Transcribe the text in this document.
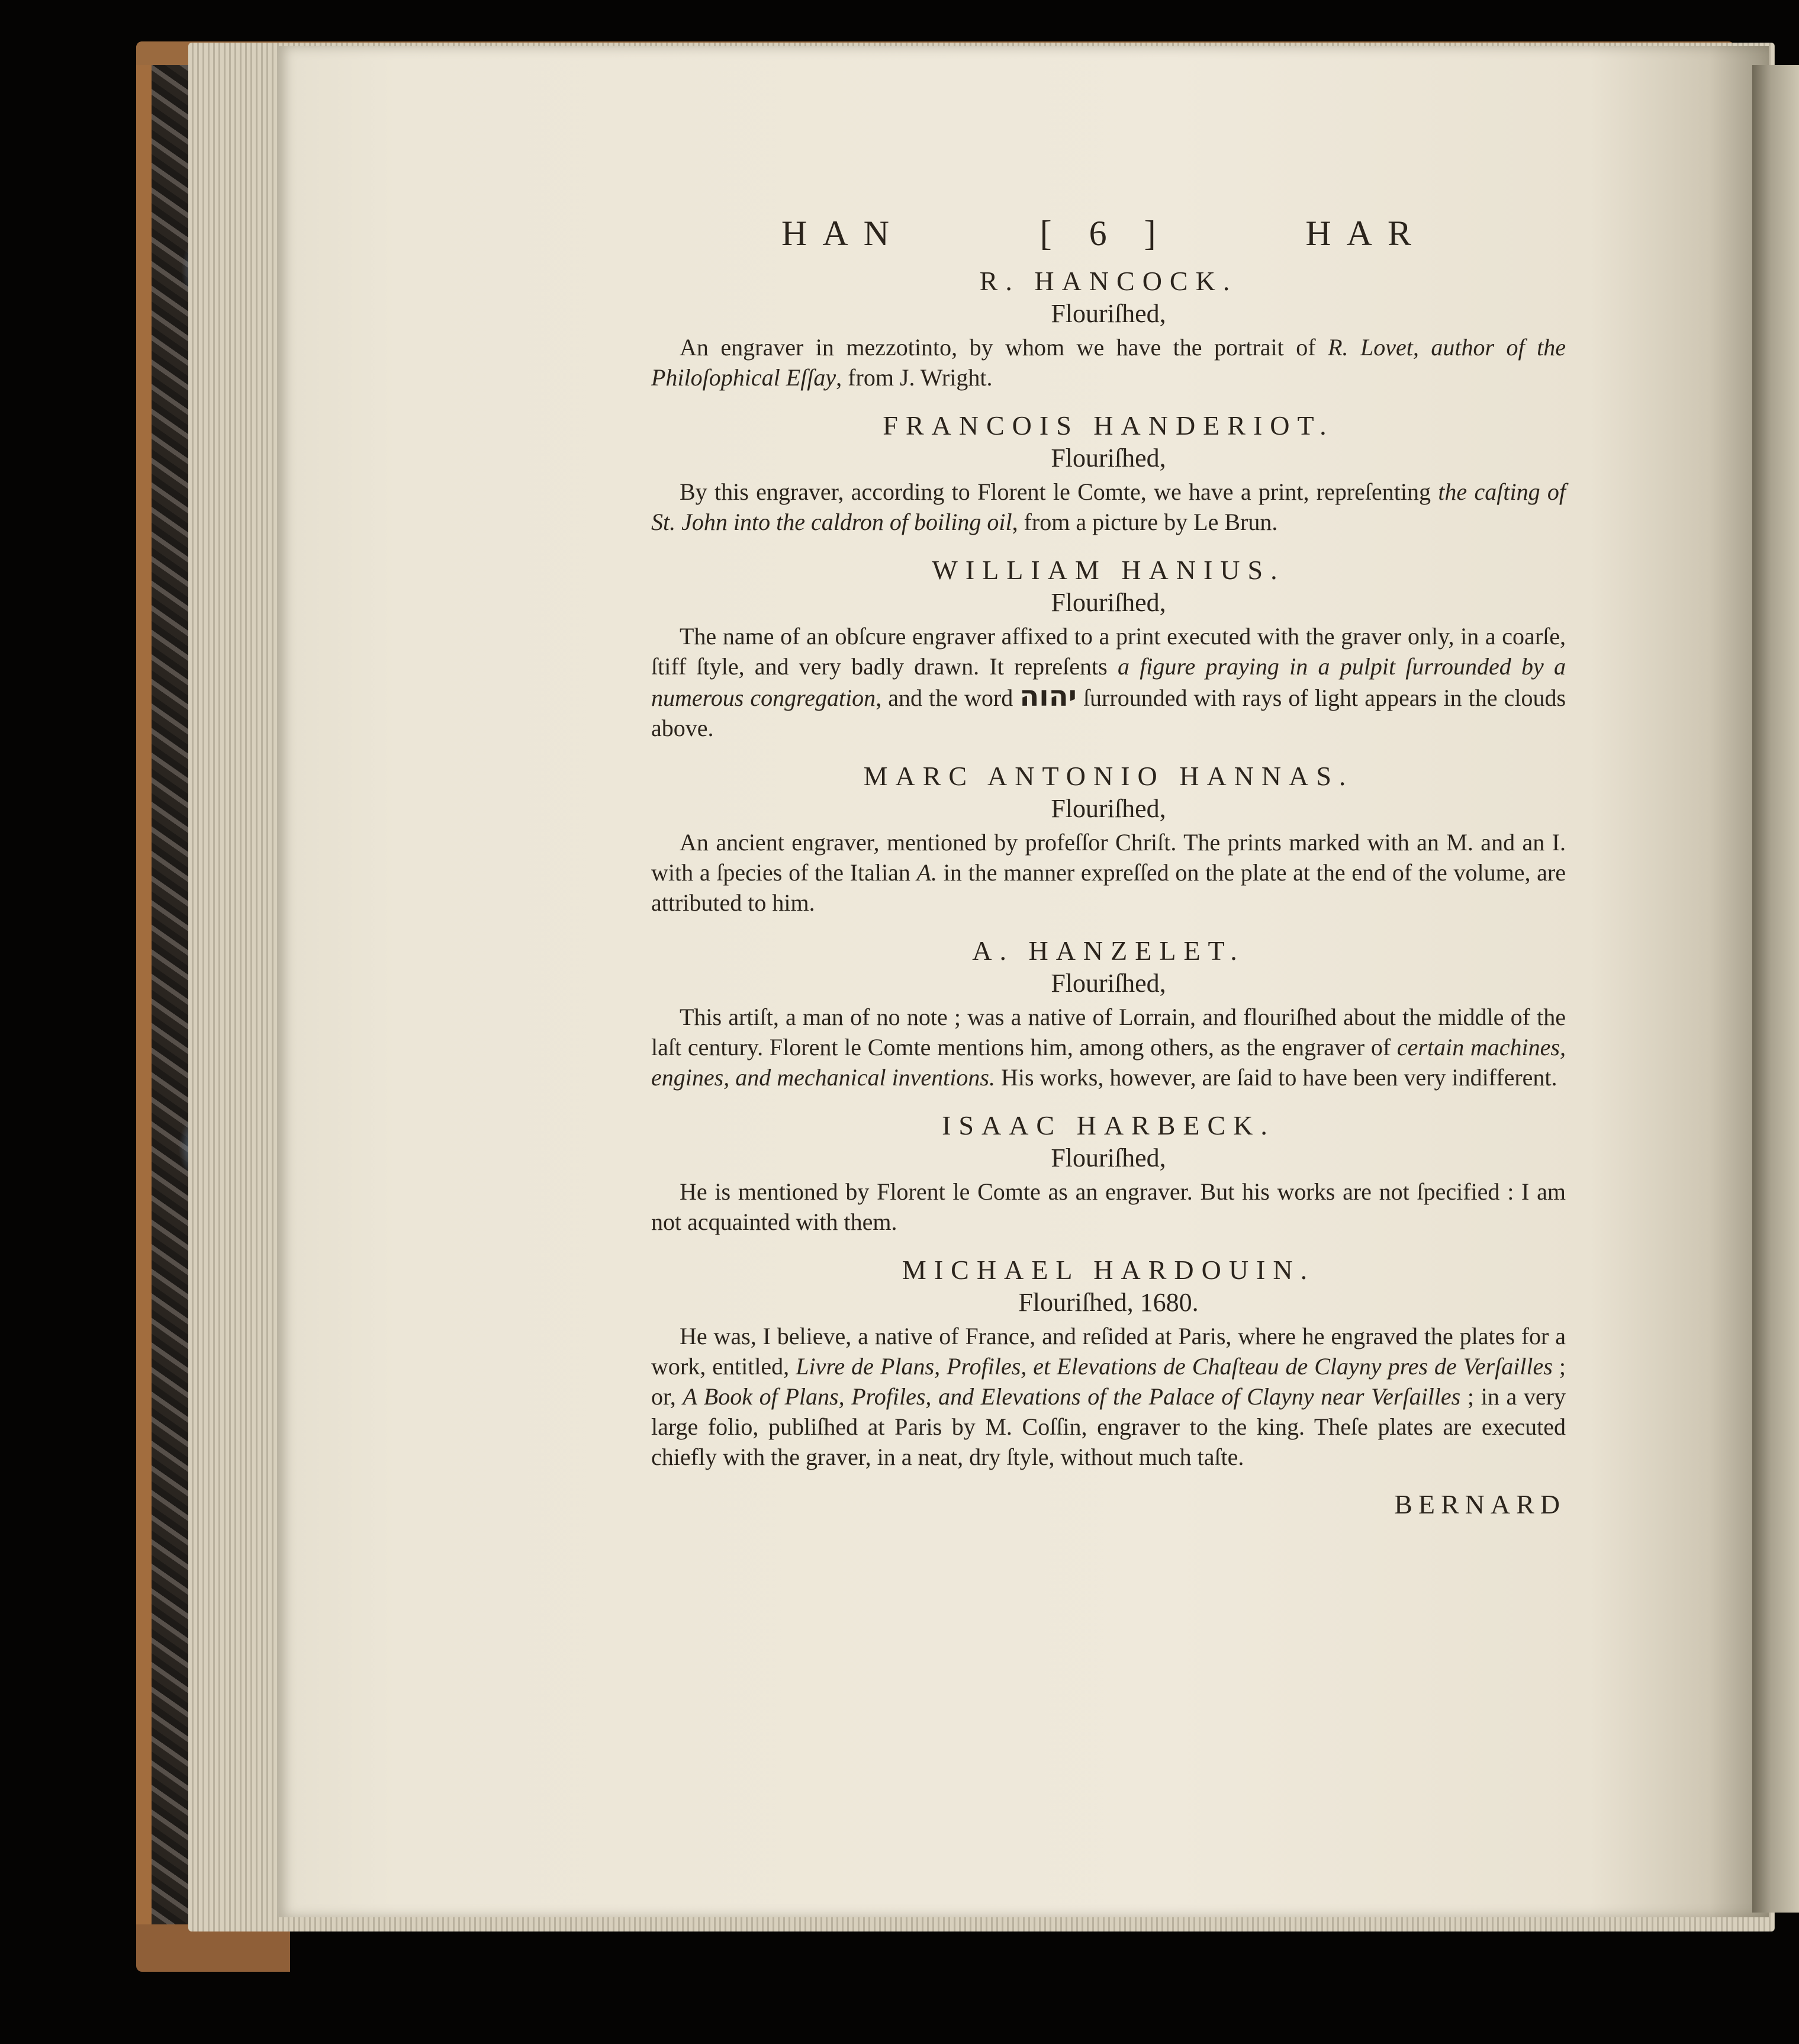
HAN	[ 6 ]	HAR

R. HANCOCK.

Flouriſhed,

An engraver in mezzotinto, by whom we have the portrait of R. Lovet, author of the Philoſophical Eſſay, from J. Wright.

FRANCOIS HANDERIOT.

Flouriſhed,

By this engraver, according to Florent le Comte, we have a print, repreſenting the caſting of St. John into the caldron of boiling oil, from a picture by Le Brun.

WILLIAM HANIUS.

Flouriſhed,

The name of an obſcure engraver affixed to a print executed with the graver only, in a coarſe, ſtiff ſtyle, and very badly drawn. It repreſents a figure praying in a pulpit ſurrounded by a numerous congregation, and the word יהוה ſurrounded with rays of light appears in the clouds above.

MARC ANTONIO HANNAS.

Flouriſhed,

An ancient engraver, mentioned by profeſſor Chriſt. The prints marked with an M. and an I. with a ſpecies of the Italian A. in the manner expreſſed on the plate at the end of the volume, are attributed to him.

A. HANZELET.

Flouriſhed,

This artiſt, a man of no note ; was a native of Lorrain, and flouriſhed about the middle of the laſt century. Florent le Comte mentions him, among others, as the engraver of certain machines, engines, and mechanical inventions. His works, however, are ſaid to have been very indifferent.

ISAAC HARBECK.

Flouriſhed,

He is mentioned by Florent le Comte as an engraver. But his works are not ſpecified : I am not acquainted with them.

MICHAEL HARDOUIN.

Flouriſhed, 1680.

He was, I believe, a native of France, and reſided at Paris, where he engraved the plates for a work, entitled, Livre de Plans, Profiles, et Elevations de Chaſteau de Clayny pres de Verſailles ; or, A Book of Plans, Profiles, and Elevations of the Palace of Clayny near Verſailles ; in a very large folio, publiſhed at Paris by M. Coſſin, engraver to the king. Theſe plates are executed chiefly with the graver, in a neat, dry ſtyle, without much taſte.

BERNARD
